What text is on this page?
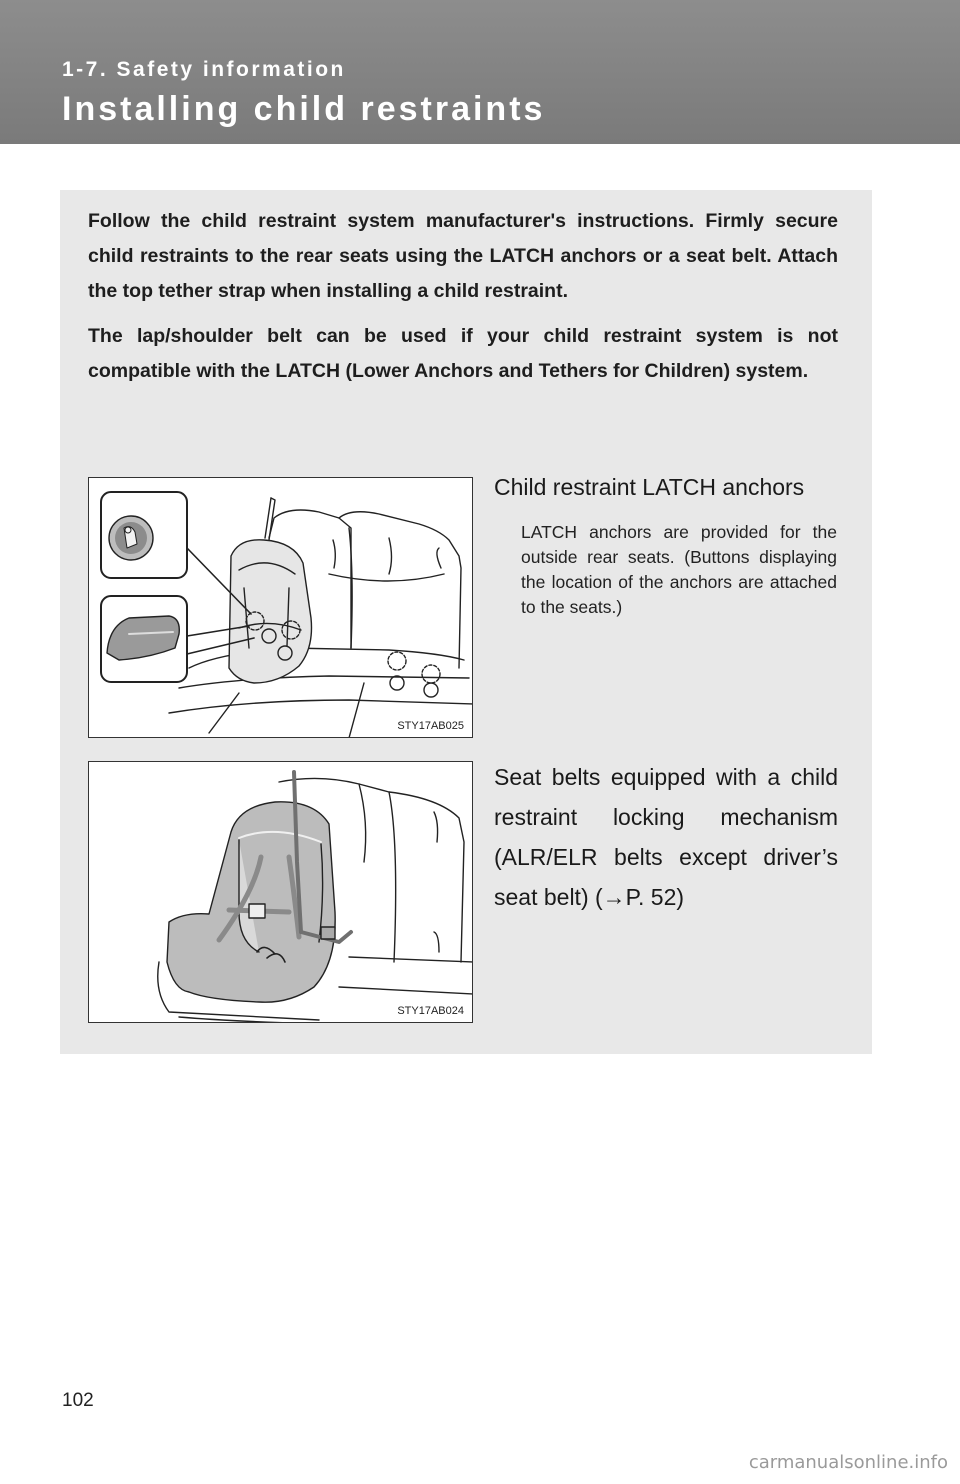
1-7. Safety information
Installing child restraints

Follow the child restraint system manufacturer's instructions. Firmly secure child restraints to the rear seats using the LATCH anchors or a seat belt. Attach the top tether strap when installing a child restraint.

The lap/shoulder belt can be used if your child restraint system is not compatible with the LATCH (Lower Anchors and Tethers for Children) system.

STY17AB025
Child restraint LATCH anchors
LATCH anchors are provided for the outside rear seats. (Buttons displaying the location of the anchors are attached to the seats.)
STY17AB024
Seat belts equipped with a child restraint locking mechanism (ALR/ELR belts except driver’s seat belt) (→P. 52)
102
carmanualsonline.info
